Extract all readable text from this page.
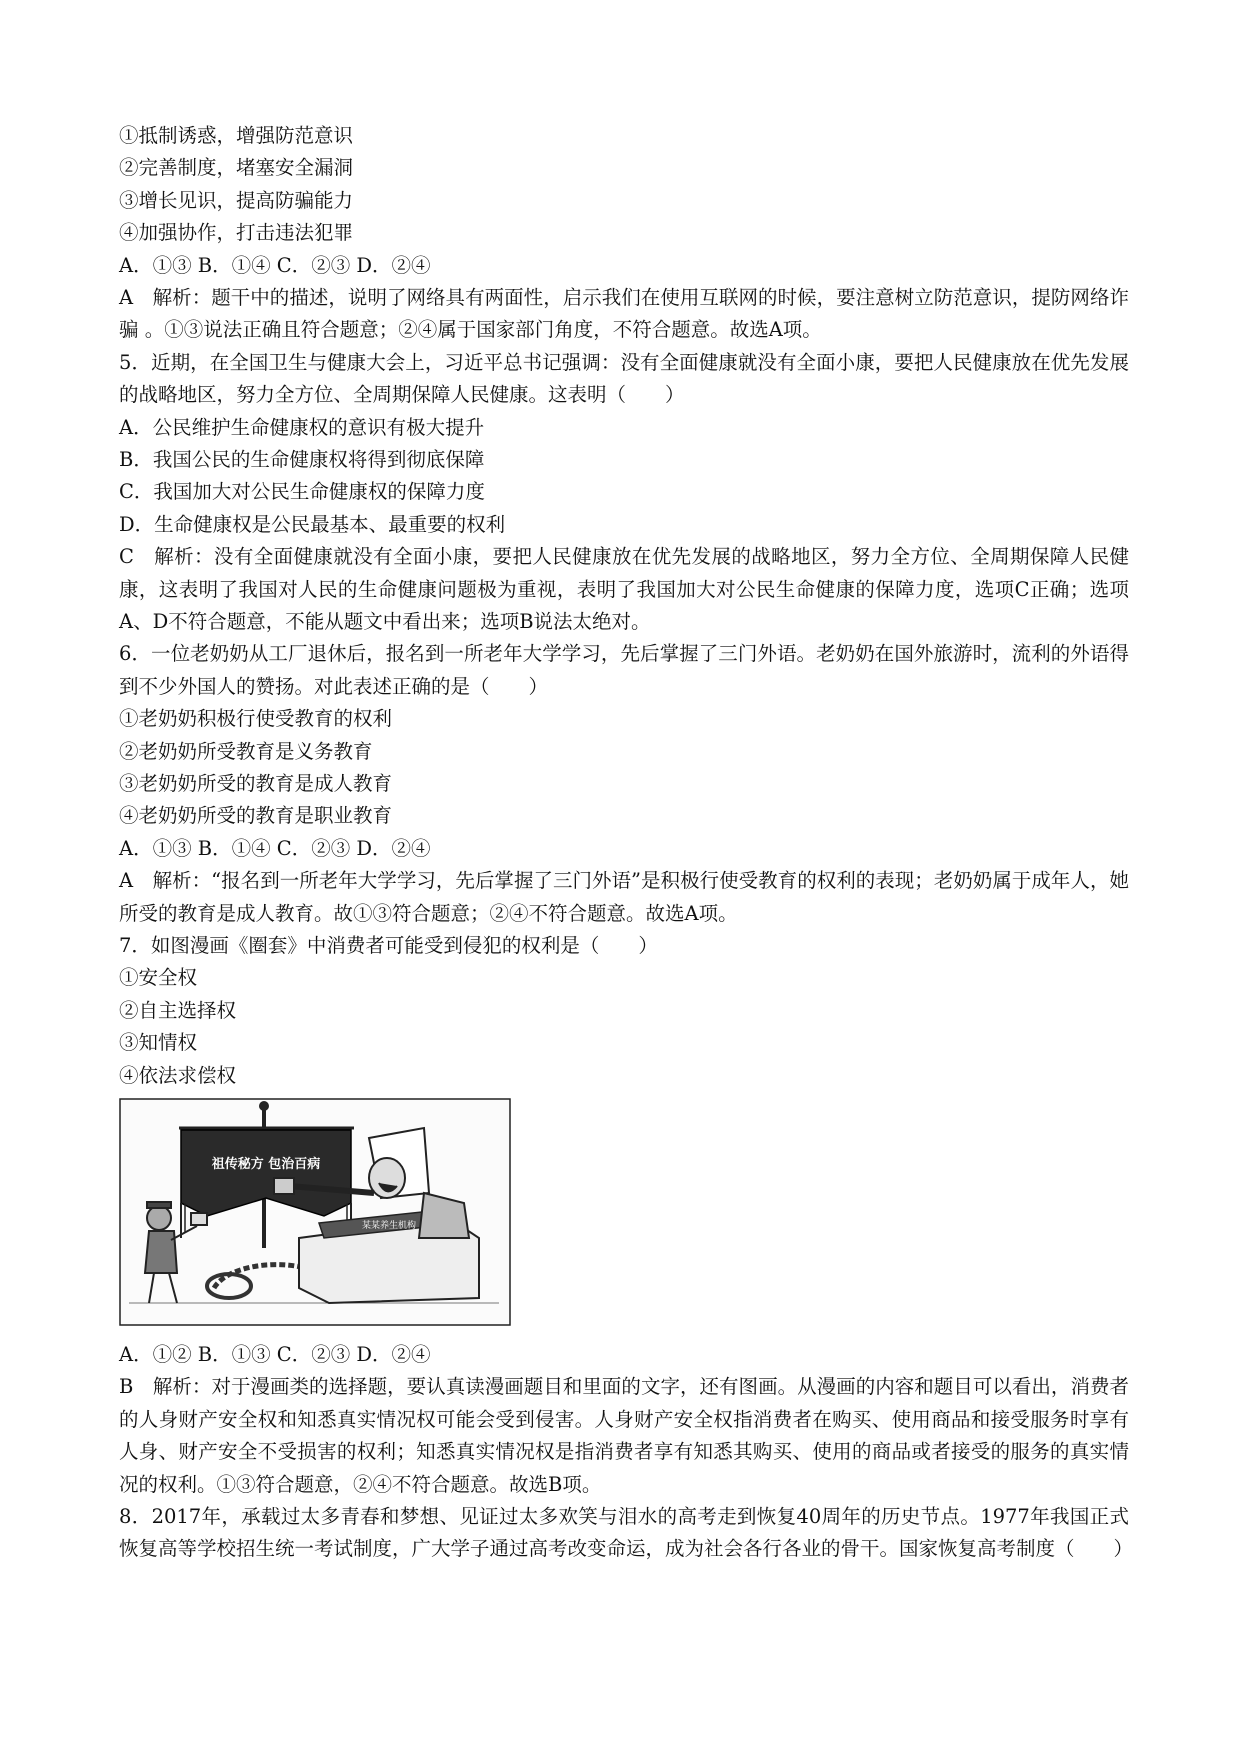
①抵制诱惑，增强防范意识
②完善制度，堵塞安全漏洞
③增长见识，提高防骗能力
④加强协作，打击违法犯罪
A．①③ B．①④ C．②③ D．②④
A　解析：题干中的描述，说明了网络具有两面性，启示我们在使用互联网的时候，要注意树立防范意识，提防网络诈骗 。①③说法正确且符合题意；②④属于国家部门角度，不符合题意。故选A项。
5．近期，在全国卫生与健康大会上，习近平总书记强调：没有全面健康就没有全面小康，要把人民健康放在优先发展的战略地区，努力全方位、全周期保障人民健康。这表明（　　）
A．公民维护生命健康权的意识有极大提升
B．我国公民的生命健康权将得到彻底保障
C．我国加大对公民生命健康权的保障力度
D．生命健康权是公民最基本、最重要的权利
C　解析：没有全面健康就没有全面小康，要把人民健康放在优先发展的战略地区，努力全方位、全周期保障人民健康，这表明了我国对人民的生命健康问题极为重视，表明了我国加大对公民生命健康的保障力度，选项C正确；选项A、D不符合题意，不能从题文中看出来；选项B说法太绝对。
6．一位老奶奶从工厂退休后，报名到一所老年大学学习，先后掌握了三门外语。老奶奶在国外旅游时，流利的外语得到不少外国人的赞扬。对此表述正确的是（　　）
①老奶奶积极行使受教育的权利
②老奶奶所受教育是义务教育
③老奶奶所受的教育是成人教育
④老奶奶所受的教育是职业教育
A．①③ B．①④ C．②③ D．②④
A　解析：“报名到一所老年大学学习，先后掌握了三门外语”是积极行使受教育的权利的表现；老奶奶属于成年人，她所受的教育是成人教育。故①③符合题意；②④不符合题意。故选A项。
7．如图漫画《圈套》中消费者可能受到侵犯的权利是（　　）
①安全权
②自主选择权
③知情权
④依法求偿权
祖传秘方 包治百病
某某养生机构
A．①② B．①③ C．②③ D．②④
B　解析：对于漫画类的选择题，要认真读漫画题目和里面的文字，还有图画。从漫画的内容和题目可以看出，消费者的人身财产安全权和知悉真实情况权可能会受到侵害。人身财产安全权指消费者在购买、使用商品和接受服务时享有人身、财产安全不受损害的权利；知悉真实情况权是指消费者享有知悉其购买、使用的商品或者接受的服务的真实情况的权利。①③符合题意，②④不符合题意。故选B项。
8．2017年，承载过太多青春和梦想、见证过太多欢笑与泪水的高考走到恢复40周年的历史节点。1977年我国正式恢复高等学校招生统一考试制度，广大学子通过高考改变命运，成为社会各行各业的骨干。国家恢复高考制度（　　）
